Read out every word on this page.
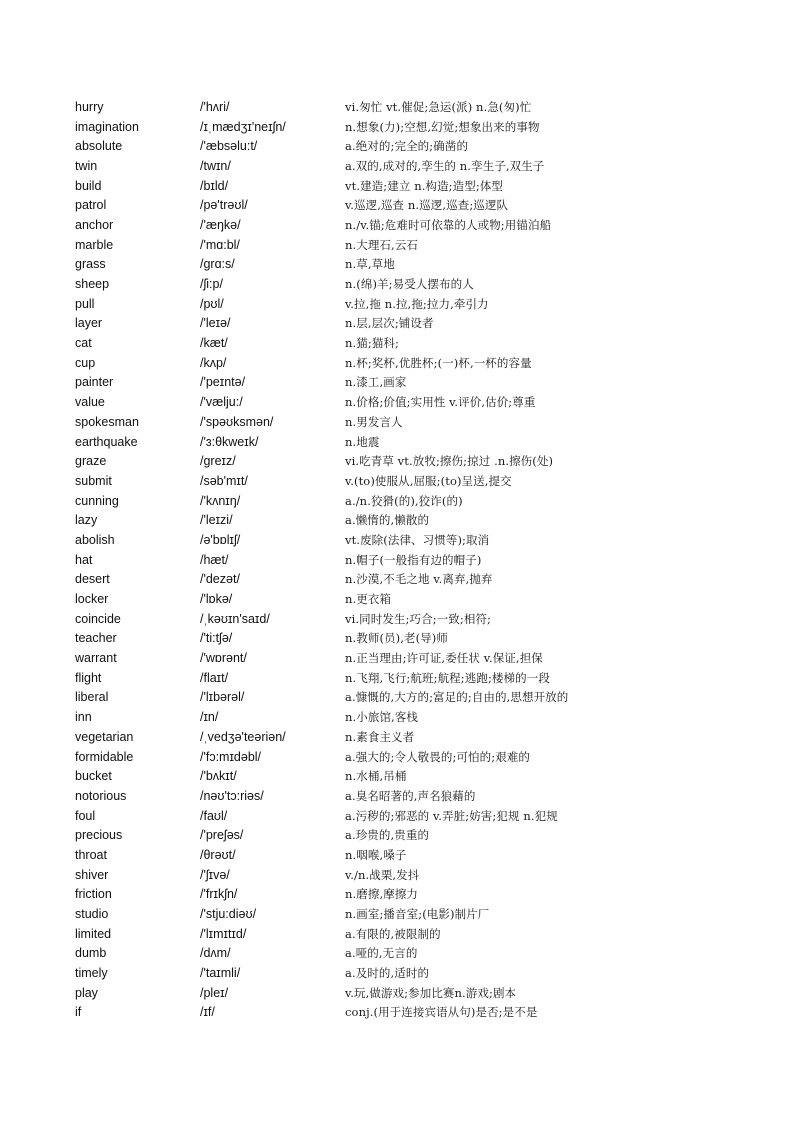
hurry	/'hʌri/	vi.匆忙 vt.催促;急运(派) n.急(匆)忙
imagination	/ɪˌmædʒɪ'neɪʃn/	n.想象(力);空想,幻觉;想象出来的事物
absolute	/'æbsəlu:t/	a.绝对的;完全的;确凿的
twin	/twɪn/	a.双的,成对的,孪生的 n.孪生子,双生子
build	/bɪld/	vt.建造;建立 n.构造;造型;体型
patrol	/pə'trəʊl/	v.巡逻,巡查 n.巡逻,巡查;巡逻队
anchor	/'æŋkə/	n./v.锚;危难时可依靠的人或物;用锚泊船
marble	/'mɑ:bl/	n.大理石,云石
grass	/grɑ:s/	n.草,草地
sheep	/ʃi:p/	n.(绵)羊;易受人摆布的人
pull	/pʊl/	v.拉,拖 n.拉,拖;拉力,牵引力
layer	/'leɪə/	n.层,层次;铺设者
cat	/kæt/	n.猫;猫科;
cup	/kʌp/	n.杯;奖杯,优胜杯;(一)杯,一杯的容量
painter	/'peɪntə/	n.漆工,画家
value	/'vælju:/	n.价格;价值;实用性 v.评价,估价;尊重
spokesman	/'spəʊksmən/	n.男发言人
earthquake	/'ɜ:θkweɪk/	n.地震
graze	/greɪz/	vi.吃青草 vt.放牧;擦伤;掠过 .n.擦伤(处)
submit	/səb'mɪt/	v.(to)使服从,屈服;(to)呈送,提交
cunning	/'kʌnɪŋ/	a./n.狡猾(的),狡诈(的)
lazy	/'leɪzi/	a.懒惰的,懒散的
abolish	/ə'bɒlɪʃ/	vt.废除(法律、习惯等);取消
hat	/hæt/	n.帽子(一般指有边的帽子)
desert	/'dezət/	n.沙漠,不毛之地 v.离弃,抛弃
locker	/'lɒkə/	n.更衣箱
coincide	/ˌkəʊɪn'saɪd/	vi.同时发生;巧合;一致;相符;
teacher	/'ti:tʃə/	n.教师(员),老(导)师
warrant	/'wɒrənt/	n.正当理由;许可证,委任状 v.保证,担保
flight	/flaɪt/	n.飞翔,飞行;航班;航程;逃跑;楼梯的一段
liberal	/'lɪbərəl/	a.慷慨的,大方的;富足的;自由的,思想开放的
inn	/ɪn/	n.小旅馆,客栈
vegetarian	/ˌvedʒə'teəriən/	n.素食主义者
formidable	/'fɔ:mɪdəbl/	a.强大的;令人敬畏的;可怕的;艰难的
bucket	/'bʌkɪt/	n.水桶,吊桶
notorious	/nəʊ'tɔ:riəs/	a.臭名昭著的,声名狼藉的
foul	/faʊl/	a.污秽的;邪恶的 v.弄脏;妨害;犯规 n.犯规
precious	/'preʃəs/	a.珍贵的,贵重的
throat	/θrəʊt/	n.咽喉,嗓子
shiver	/'ʃɪvə/	v./n.战栗,发抖
friction	/'frɪkʃn/	n.磨擦,摩擦力
studio	/'stju:diəʊ/	n.画室;播音室;(电影)制片厂
limited	/'lɪmɪtɪd/	a.有限的,被限制的
dumb	/dʌm/	a.哑的,无言的
timely	/'taɪmli/	a.及时的,适时的
play	/pleɪ/	v.玩,做游戏;参加比赛n.游戏;剧本
if	/ɪf/	conj.(用于连接宾语从句)是否;是不是
